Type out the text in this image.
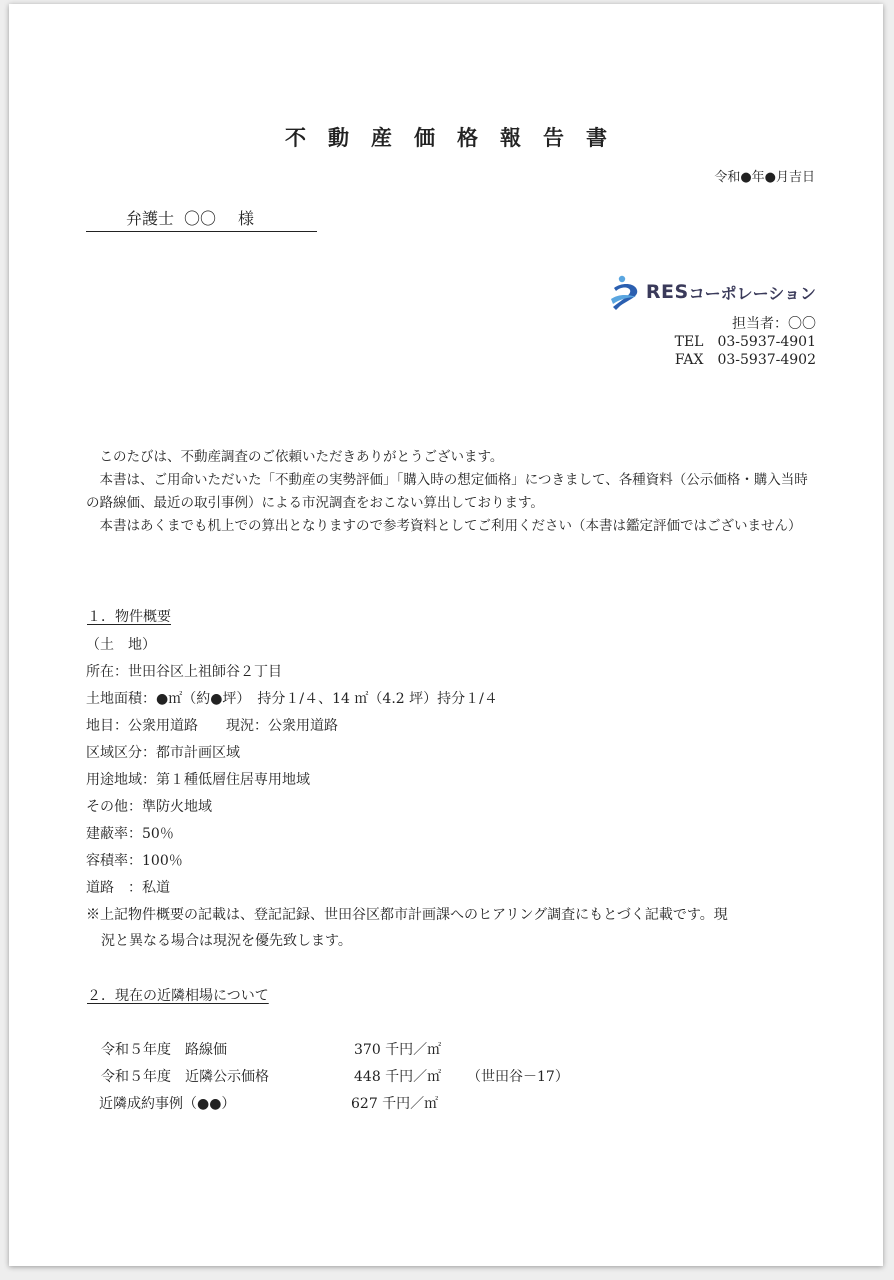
不動産価格報告書
令和●年●月吉日
弁護士 〇〇 様
RES コーポレーション
担当者：〇〇
TEL　03-5937-4901
FAX　03-5937-4902

このたびは、不動産調査のご依頼いただきありがとうございます。

本書は、ご用命いただいた「不動産の実勢評価」「購入時の想定価格」につきまして、各種資料（公示価格・購入当時の路線価、最近の取引事例）による市況調査をおこない算出しております。

本書はあくまでも机上での算出となりますので参考資料としてご利用ください（本書は鑑定評価ではございません）

１．物件概要
（土　地）
所在：世田谷区上祖師谷２丁目
土地面積：●㎡（約●坪）　持分１/４、14 ㎡（4.2 坪）持分１/４
地目：公衆用道路　　現況：公衆用道路
区域区分：都市計画区域
用途地域：第１種低層住居専用地域
その他：準防火地域
建蔽率：50％
容積率：100％
道路　：私道
※上記物件概要の記載は、登記記録、世田谷区都市計画課へのヒアリング調査にもとづく記載です。現
況と異なる場合は現況を優先致します。
２．現在の近隣相場について
令和５年度　路線価	370 千円／㎡
令和５年度　近隣公示価格	448 千円／㎡ （世田谷－17）
近隣成約事例（●●）	627 千円／㎡
